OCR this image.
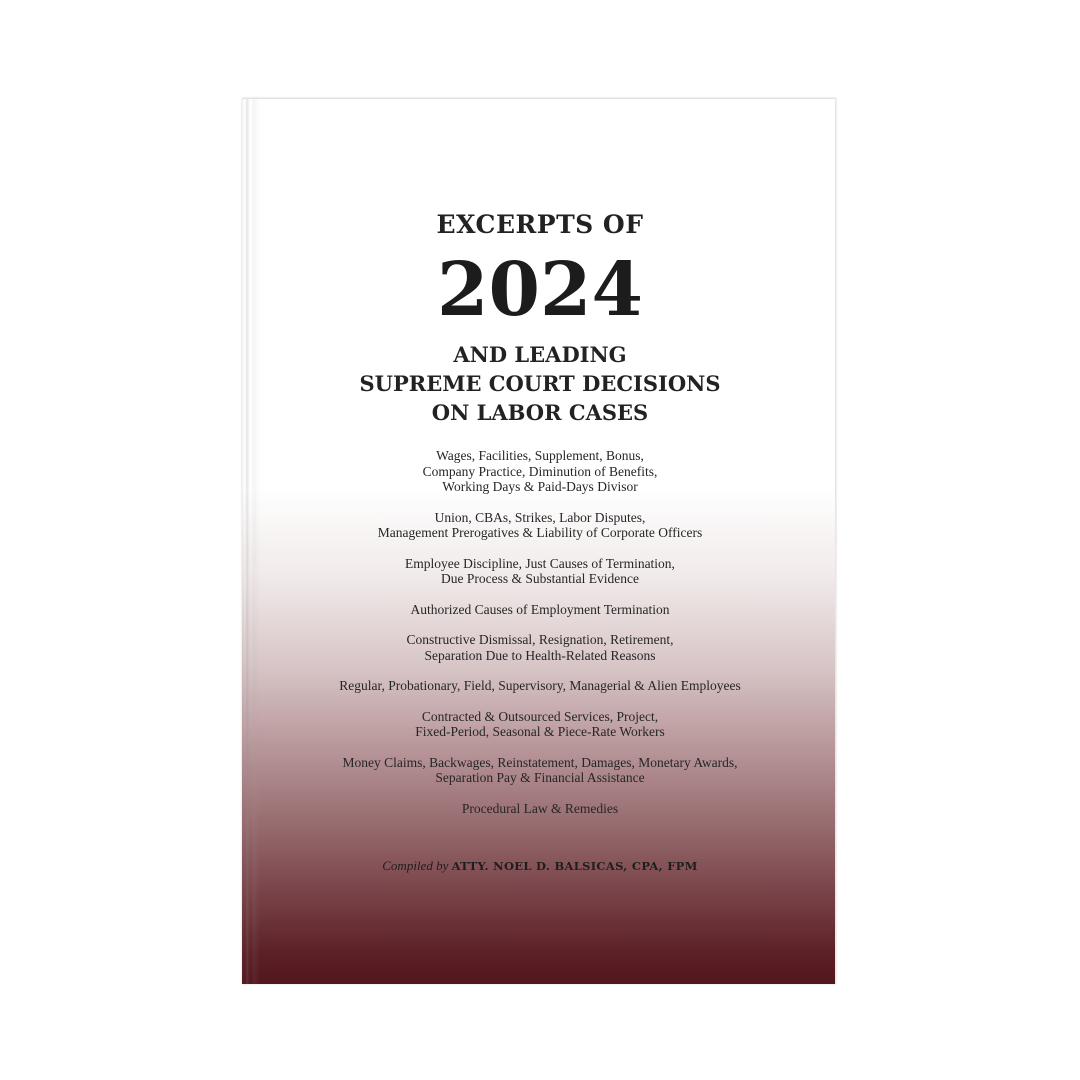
EXCERPTS OF
2024
AND LEADING
SUPREME COURT DECISIONS
ON LABOR CASES
Wages, Facilities, Supplement, Bonus,
Company Practice, Diminution of Benefits,
Working Days & Paid-Days Divisor
Union, CBAs, Strikes, Labor Disputes,
Management Prerogatives & Liability of Corporate Officers
Employee Discipline, Just Causes of Termination,
Due Process & Substantial Evidence
Authorized Causes of Employment Termination
Constructive Dismissal, Resignation, Retirement,
Separation Due to Health-Related Reasons
Regular, Probationary, Field, Supervisory, Managerial & Alien Employees
Contracted & Outsourced Services, Project,
Fixed-Period, Seasonal & Piece-Rate Workers
Money Claims, Backwages, Reinstatement, Damages, Monetary Awards,
Separation Pay & Financial Assistance
Procedural Law & Remedies
Compiled by ATTY. NOEL D. BALSICAS, CPA, FPM
